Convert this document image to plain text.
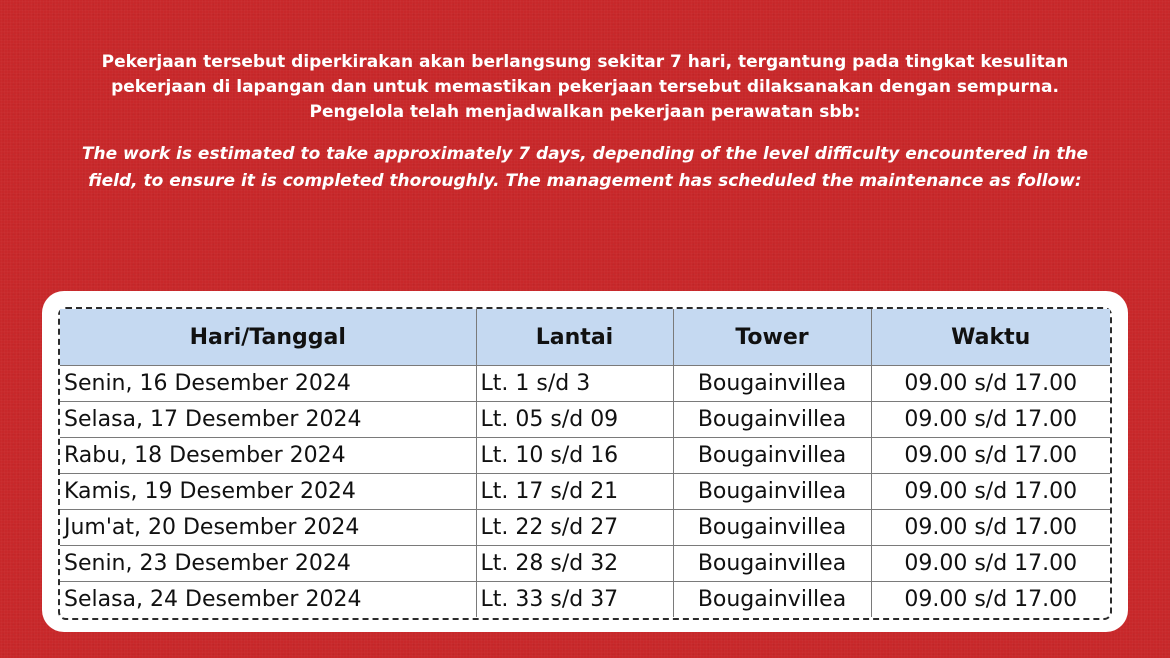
Pekerjaan tersebut diperkirakan akan berlangsung sekitar 7 hari, tergantung pada tingkat kesulitan
pekerjaan di lapangan dan untuk memastikan pekerjaan tersebut dilaksanakan dengan sempurna.
Pengelola telah menjadwalkan pekerjaan perawatan sbb:

The work is estimated to take approximately 7 days, depending of the level difficulty encountered in the
field, to ensure it is completed thoroughly. The management has scheduled the maintenance as follow:

Hari/Tanggal	Lantai	Tower	Waktu
Senin, 16 Desember 2024	Lt. 1 s/d 3	Bougainvillea	09.00 s/d 17.00
Selasa, 17 Desember 2024	Lt. 05 s/d 09	Bougainvillea	09.00 s/d 17.00
Rabu, 18 Desember 2024	Lt. 10 s/d 16	Bougainvillea	09.00 s/d 17.00
Kamis, 19 Desember 2024	Lt. 17 s/d 21	Bougainvillea	09.00 s/d 17.00
Jum'at, 20 Desember 2024	Lt. 22 s/d 27	Bougainvillea	09.00 s/d 17.00
Senin, 23 Desember 2024	Lt. 28 s/d 32	Bougainvillea	09.00 s/d 17.00
Selasa, 24 Desember 2024	Lt. 33 s/d 37	Bougainvillea	09.00 s/d 17.00
